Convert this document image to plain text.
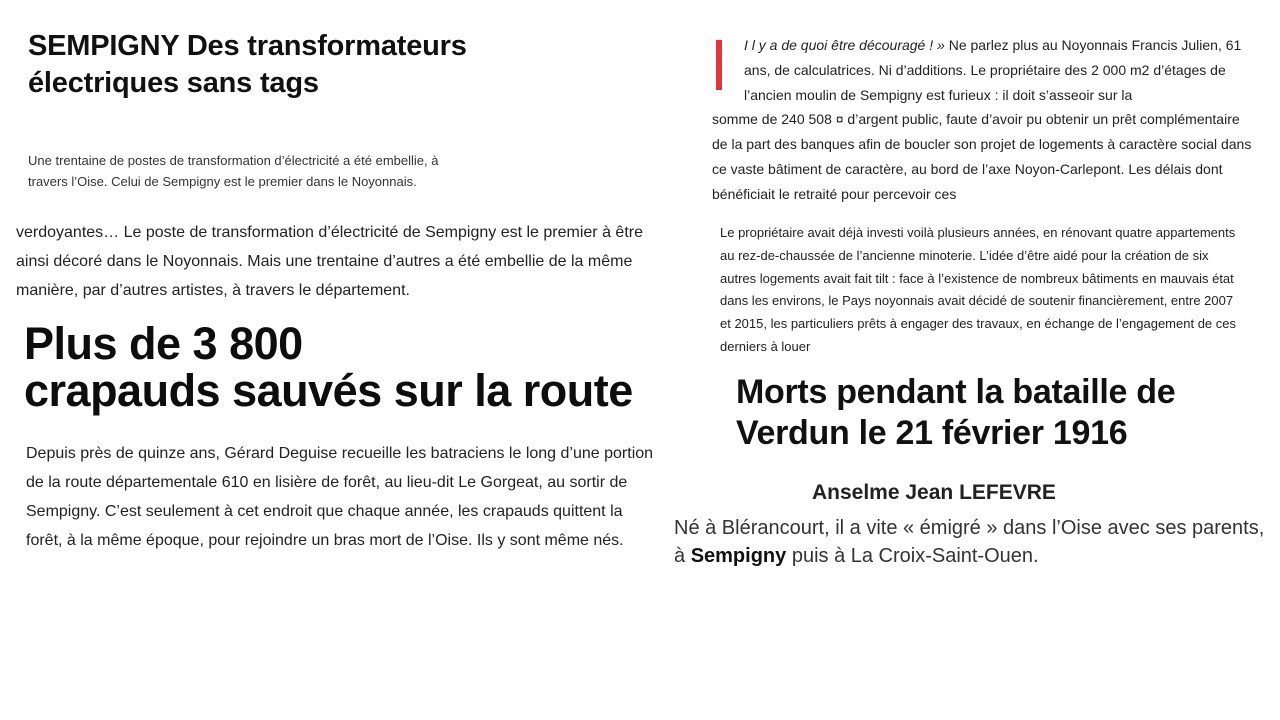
SEMPIGNY Des transformateurs électriques sans tags

Une trentaine de postes de transformation d’électricité a été embellie, à travers l’Oise. Celui de Sempigny est le premier dans le Noyonnais.

verdoyantes… Le poste de transformation d’électricité de Sempigny est le premier à être ainsi décoré dans le Noyonnais. Mais une trentaine d’autres a été embellie de la même manière, par d’autres artistes, à travers le département.

Plus de 3 800
crapauds sauvés sur la route

Depuis près de quinze ans, Gérard Deguise recueille les batraciens le long d’une portion de la route départementale 610 en lisière de forêt, au lieu-dit Le Gorgeat, au sortir de Sempigny. C’est seulement à cet endroit que chaque année, les crapauds quittent la forêt, à la même époque, pour rejoindre un bras mort de l’Oise. Ils y sont même nés.

I l y a de quoi être découragé ! » Ne parlez plus au Noyonnais Francis Julien, 61 ans, de calculatrices. Ni d’additions. Le propriétaire des 2 000 m2 d’étages de l’ancien moulin de Sempigny est furieux : il doit s’asseoir sur la
somme de 240 508 ¤ d’argent public, faute d’avoir pu obtenir un prêt complémentaire de la part des banques afin de boucler son projet de logements à caractère social dans ce vaste bâtiment de caractère, au bord de l’axe Noyon-Carlepont. Les délais dont bénéficiait le retraité pour percevoir ces

Le propriétaire avait déjà investi voilà plusieurs années, en rénovant quatre appartements au rez-de-chaussée de l’ancienne minoterie. L’idée d’être aidé pour la création de six autres logements avait fait tilt : face à l’existence de nombreux bâtiments en mauvais état dans les environs, le Pays noyonnais avait décidé de soutenir financièrement, entre 2007 et 2015, les particuliers prêts à engager des travaux, en échange de l’engagement de ces derniers à louer

Morts pendant la bataille de Verdun le 21 février 1916
Anselme Jean LEFEVRE

Né à Blérancourt, il a vite « émigré » dans l’Oise avec ses parents, à Sempigny puis à La Croix-Saint-Ouen.
